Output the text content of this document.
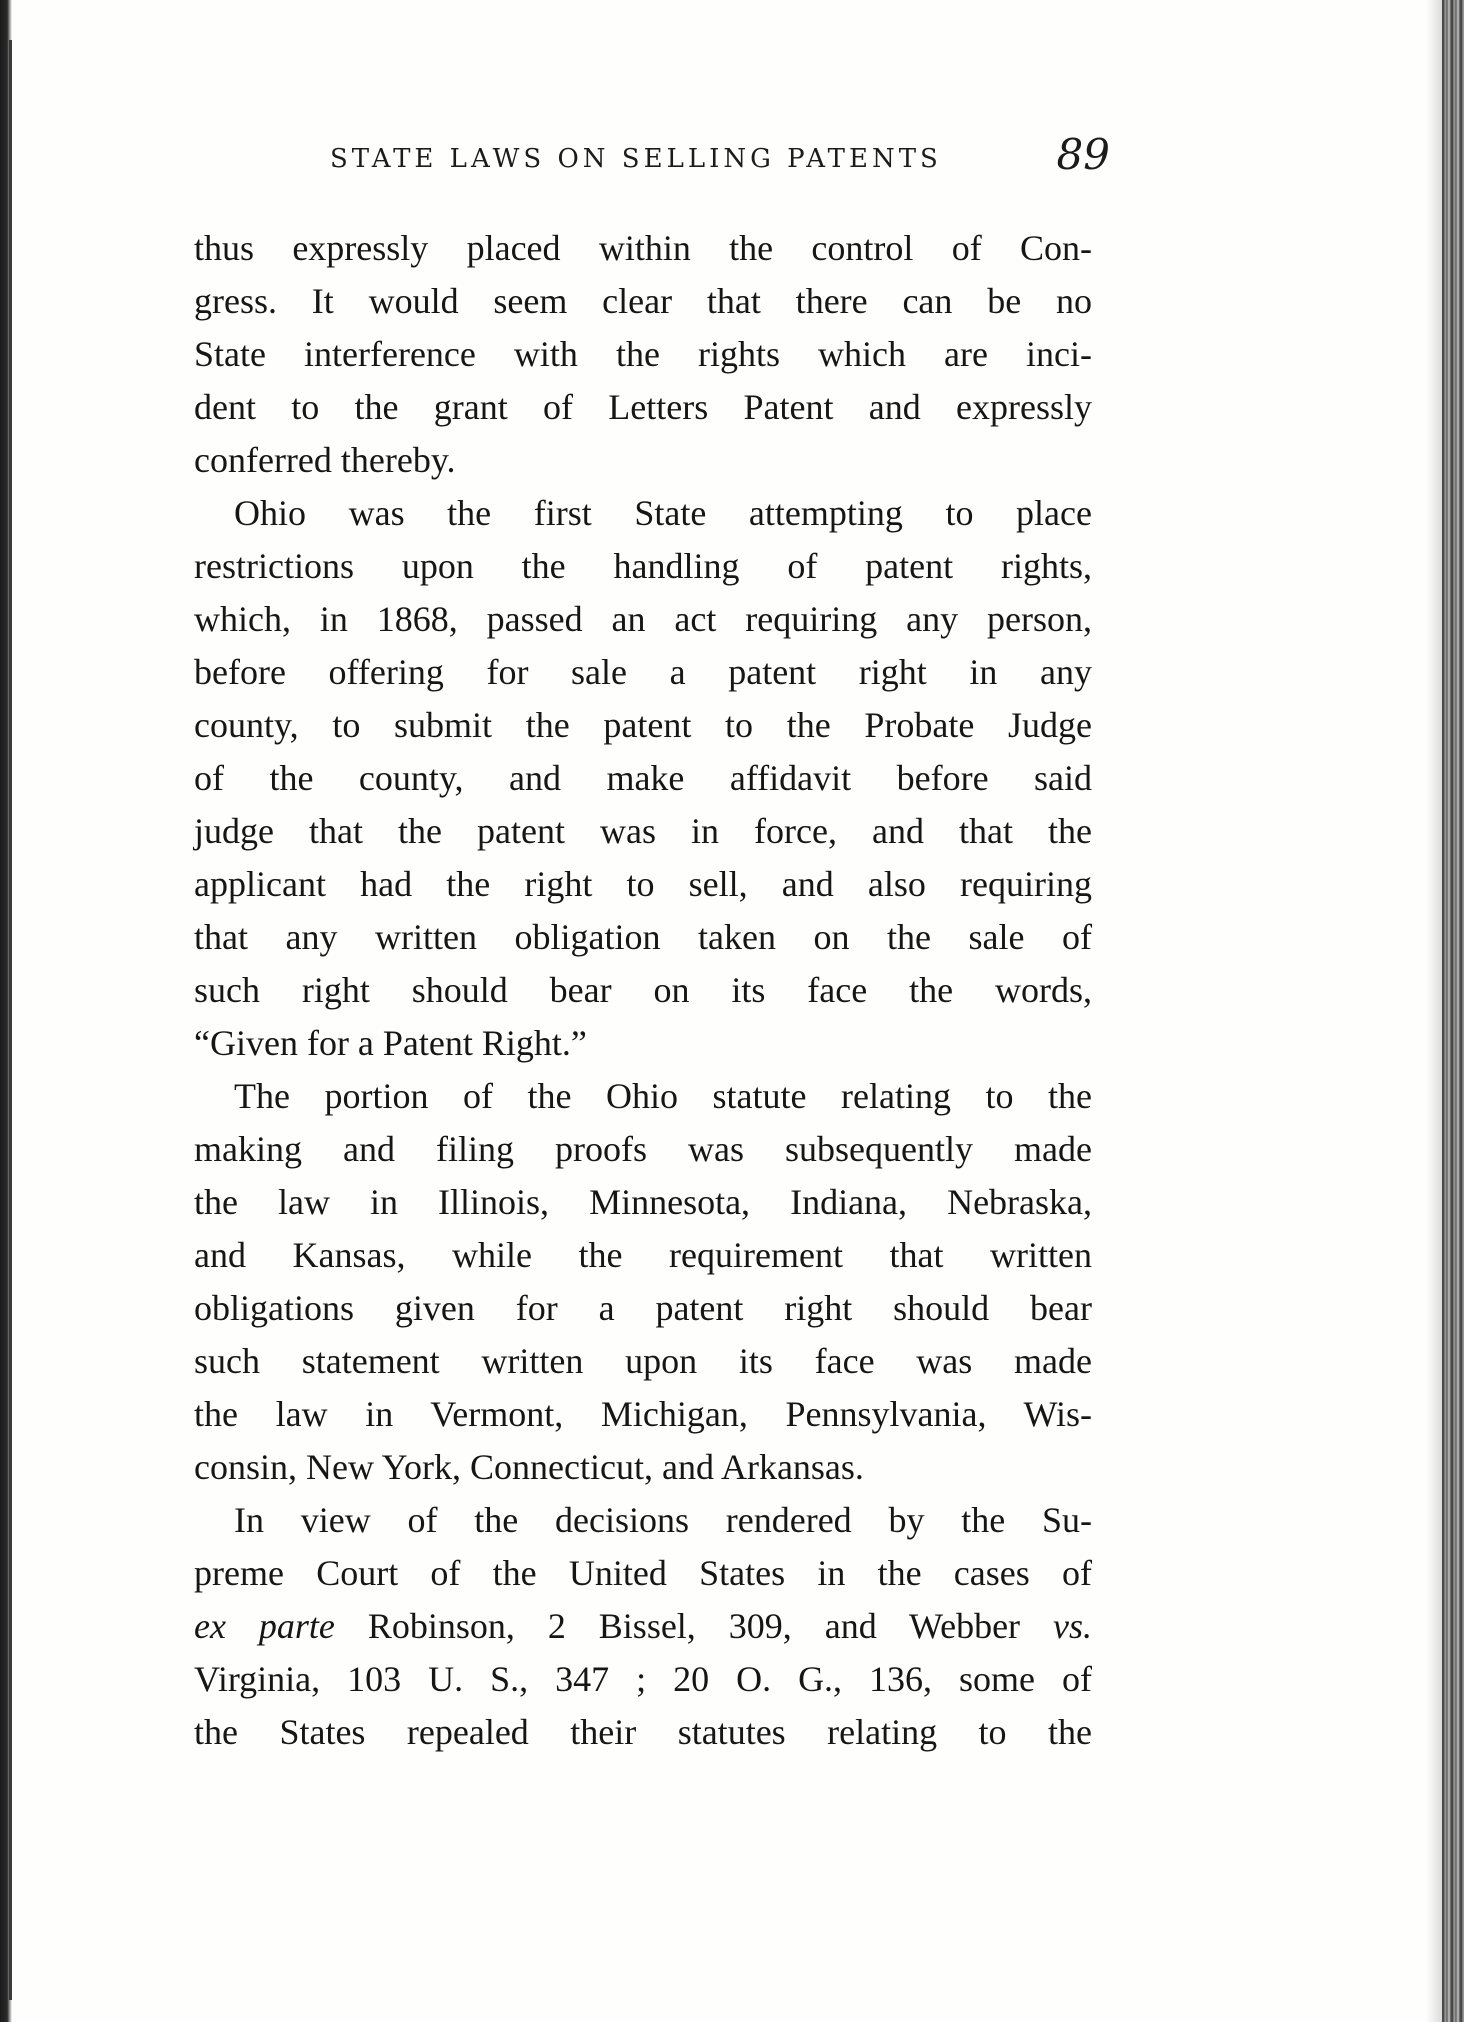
STATE LAWS ON SELLING PATENTS	89
thus expressly placed within the control of Con-
gress. It would seem clear that there can be no
State interference with the rights which are inci-
dent to the grant of Letters Patent and expressly
conferred thereby.
Ohio was the first State attempting to place
restrictions upon the handling of patent rights,
which, in 1868, passed an act requiring any person,
before offering for sale a patent right in any
county, to submit the patent to the Probate Judge
of the county, and make affidavit before said
judge that the patent was in force, and that the
applicant had the right to sell, and also requiring
that any written obligation taken on the sale of
such right should bear on its face the words,
“Given for a Patent Right.”
The portion of the Ohio statute relating to the
making and filing proofs was subsequently made
the law in Illinois, Minnesota, Indiana, Nebraska,
and Kansas, while the requirement that written
obligations given for a patent right should bear
such statement written upon its face was made
the law in Vermont, Michigan, Pennsylvania, Wis-
consin, New York, Connecticut, and Arkansas.
In view of the decisions rendered by the Su-
preme Court of the United States in the cases of
ex parte Robinson, 2 Bissel, 309, and Webber vs.
Virginia, 103 U. S., 347 ; 20 O. G., 136, some of
the States repealed their statutes relating to the
